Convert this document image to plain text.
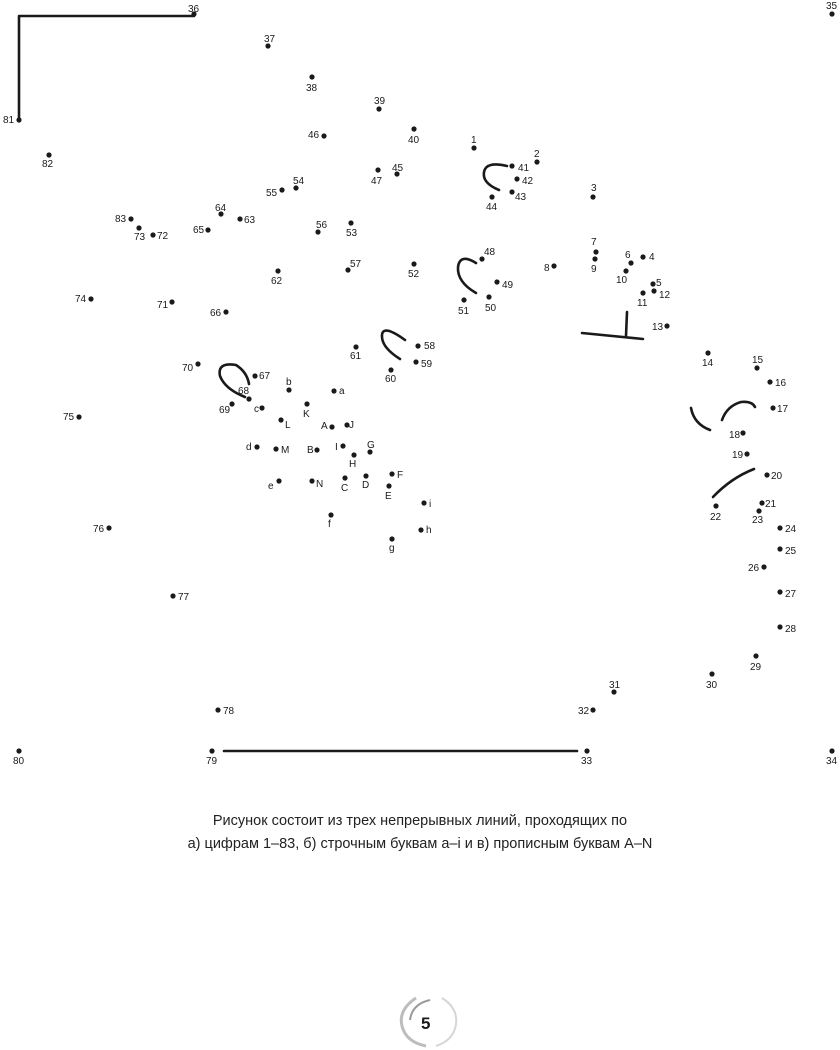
1
2
3
4
5
6
7
8	9
10
11
12
13
14	15
16
17
18
19
20
21
22	23
24
25
26
27
28
29
30
31
32
33	34
35
36
37
38
39
40
41
42
43
44
45
46
47
48
49
50
51
52
53
54
55
56
57
58
59
60
61
62
63
64
65
66
67
68
69
70
71
72
73
74
75
76
77
78
79
80
81
82
83
a
b
c
d
e
f
g
h
i
A
B
C D
E
F
G
H
I
J
K
L
M
N
Рисунок состоит из трех непрерывных линий, проходящих по
а) цифрам 1–83, б) строчным буквам a–i и в) прописным буквам А–N
5
